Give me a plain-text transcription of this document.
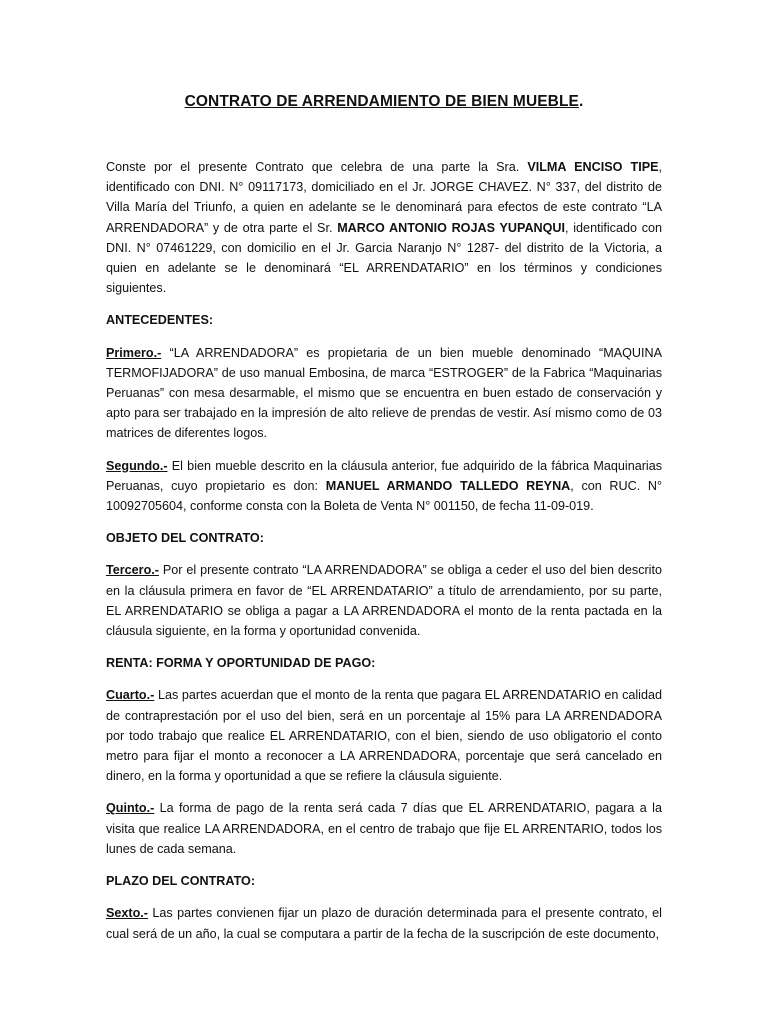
CONTRATO DE ARRENDAMIENTO DE BIEN MUEBLE.

Conste por el presente Contrato que celebra de una parte la Sra. VILMA ENCISO TIPE, identificado con DNI. N° 09117173, domiciliado en el Jr. JORGE CHAVEZ. N° 337, del distrito de Villa María del Triunfo, a quien en adelante se le denominará para efectos de este contrato “LA ARRENDADORA” y de otra parte el Sr. MARCO ANTONIO ROJAS YUPANQUI, identificado con DNI. N° 07461229, con domicilio en el Jr. Garcia Naranjo N° 1287- del distrito de la Victoria, a quien en adelante se le denominará “EL ARRENDATARIO” en los términos y condiciones siguientes.

ANTECEDENTES:

Primero.- “LA ARRENDADORA” es propietaria de un bien mueble denominado “MAQUINA TERMOFIJADORA” de uso manual Embosina, de marca “ESTROGER” de la Fabrica “Maquinarias Peruanas” con mesa desarmable, el mismo que se encuentra en buen estado de conservación y apto para ser trabajado en la impresión de alto relieve de prendas de vestir. Así mismo como de 03 matrices de diferentes logos.

Segundo.- El bien mueble descrito en la cláusula anterior, fue adquirido de la fábrica Maquinarias Peruanas, cuyo propietario es don: MANUEL ARMANDO TALLEDO REYNA, con RUC. N° 10092705604, conforme consta con la Boleta de Venta N° 001150, de fecha 11-09-019.

OBJETO DEL CONTRATO:

Tercero.- Por el presente contrato “LA ARRENDADORA” se obliga a ceder el uso del bien descrito en la cláusula primera en favor de “EL ARRENDATARIO” a título de arrendamiento, por su parte, EL ARRENDATARIO se obliga a pagar a LA ARRENDADORA el monto de la renta pactada en la cláusula siguiente, en la forma y oportunidad convenida.

RENTA: FORMA Y OPORTUNIDAD DE PAGO:

Cuarto.- Las partes acuerdan que el monto de la renta que pagara EL ARRENDATARIO en calidad de contraprestación por el uso del bien, será en un porcentaje al 15% para LA ARRENDADORA por todo trabajo que realice EL ARRENDATARIO, con el bien, siendo de uso obligatorio el conto metro para fijar el monto a reconocer a LA ARRENDADORA, porcentaje que será cancelado en dinero, en la forma y oportunidad a que se refiere la cláusula siguiente.

Quinto.- La forma de pago de la renta será cada 7 días que EL ARRENDATARIO, pagara a la visita que realice LA ARRENDADORA, en el centro de trabajo que fije EL ARRENTARIO, todos los lunes de cada semana.

PLAZO DEL CONTRATO:

Sexto.- Las partes convienen fijar un plazo de duración determinada para el presente contrato, el cual será de un año, la cual se computara a partir de la fecha de la suscripción de este documento,
